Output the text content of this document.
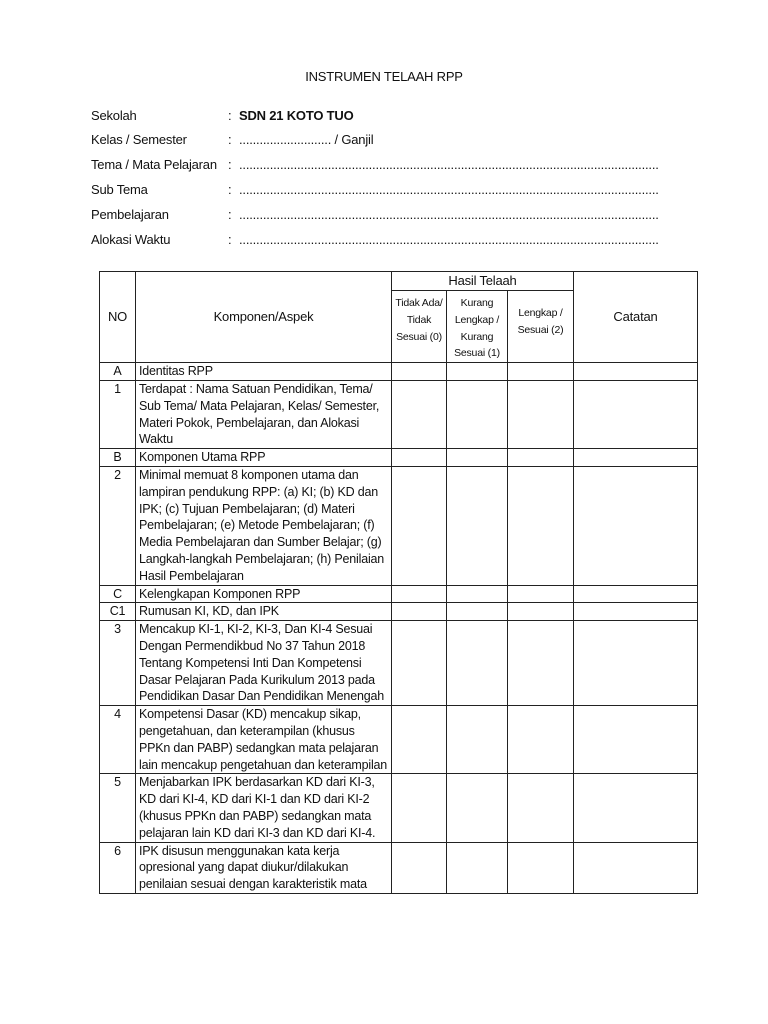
INSTRUMEN TELAAH RPP
Sekolah	: SDN 21 KOTO TUO
Kelas / Semester	: ........................... / Ganjil
Tema / Mata Pelajaran : ...........................................................................................................................
Sub Tema	: ...........................................................................................................................
Pembelajaran	: ...........................................................................................................................
Alokasi Waktu	: ...........................................................................................................................
NO	Komponen/Aspek	Hasil Telaah			Catatan
		Tidak Ada/ Tidak Sesuai (0)	Kurang Lengkap / Kurang Sesuai (1)	Lengkap / Sesuai (2)	
A	Identitas RPP				
1	Terdapat : Nama Satuan Pendidikan, Tema/ Sub Tema/ Mata Pelajaran, Kelas/ Semester, Materi Pokok, Pembelajaran, dan Alokasi Waktu				
B	Komponen Utama RPP				
2	Minimal memuat 8 komponen utama dan lampiran pendukung RPP: (a) KI; (b) KD dan IPK; (c) Tujuan Pembelajaran; (d) Materi Pembelajaran; (e) Metode Pembelajaran; (f) Media Pembelajaran dan Sumber Belajar; (g) Langkah-langkah Pembelajaran; (h) Penilaian Hasil Pembelajaran				
C	Kelengkapan Komponen RPP				
C1	Rumusan KI, KD, dan IPK				
3	Mencakup KI-1, KI-2, KI-3, Dan KI-4 Sesuai Dengan Permendikbud No 37 Tahun 2018 Tentang Kompetensi Inti Dan Kompetensi Dasar Pelajaran Pada Kurikulum 2013 pada Pendidikan Dasar Dan Pendidikan Menengah				
4	Kompetensi Dasar (KD) mencakup sikap, pengetahuan, dan keterampilan (khusus PPKn dan PABP) sedangkan mata pelajaran lain mencakup pengetahuan dan keterampilan				
5	Menjabarkan IPK berdasarkan KD dari KI-3, KD dari KI-4, KD dari KI-1 dan KD dari KI-2 (khusus PPKn dan PABP) sedangkan mata pelajaran lain KD dari KI-3 dan KD dari KI-4.				
6	IPK disusun menggunakan kata kerja opresional yang dapat diukur/dilakukan penilaian sesuai dengan karakteristik mata				
